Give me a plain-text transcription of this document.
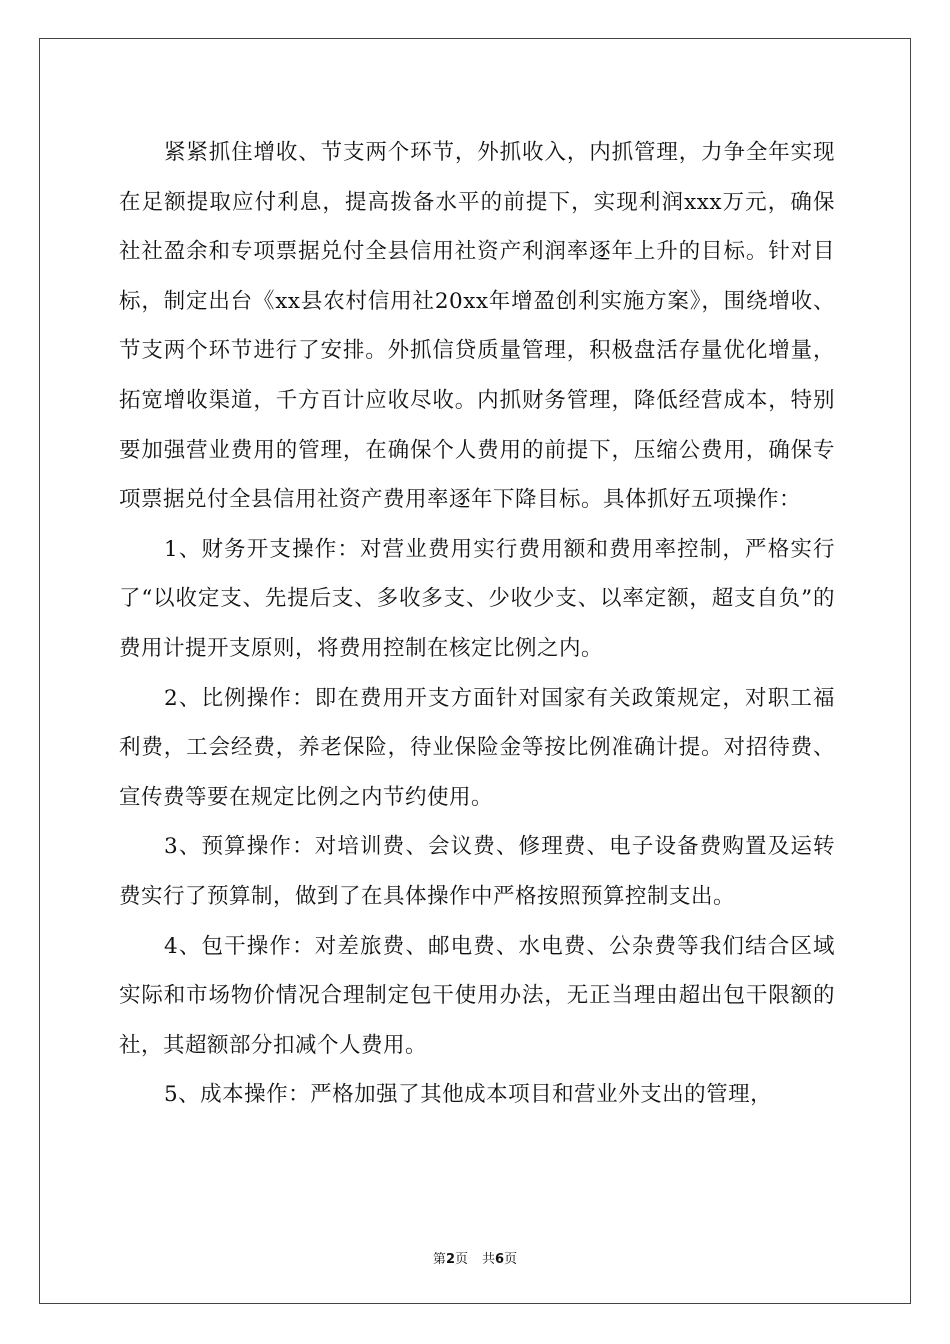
紧紧抓住增收、节支两个环节，外抓收入，内抓管理，力争全年实现在足额提取应付利息，提高拨备水平的前提下，实现利润xxx万元，确保社社盈余和专项票据兑付全县信用社资产利润率逐年上升的目标。针对目标，制定出台《xx县农村信用社20xx年增盈创利实施方案》，围绕增收、节支两个环节进行了安排。外抓信贷质量管理，积极盘活存量优化增量，拓宽增收渠道，千方百计应收尽收。内抓财务管理，降低经营成本，特别要加强营业费用的管理，在确保个人费用的前提下，压缩公费用，确保专项票据兑付全县信用社资产费用率逐年下降目标。具体抓好五项操作：

1、财务开支操作：对营业费用实行费用额和费用率控制，严格实行了“以收定支、先提后支、多收多支、少收少支、以率定额，超支自负”的费用计提开支原则，将费用控制在核定比例之内。

2、比例操作：即在费用开支方面针对国家有关政策规定，对职工福利费，工会经费，养老保险，待业保险金等按比例准确计提。对招待费、宣传费等要在规定比例之内节约使用。

3、预算操作：对培训费、会议费、修理费、电子设备费购置及运转费实行了预算制，做到了在具体操作中严格按照预算控制支出。

4、包干操作：对差旅费、邮电费、水电费、公杂费等我们结合区域实际和市场物价情况合理制定包干使用办法，无正当理由超出包干限额的社，其超额部分扣减个人费用。

5、成本操作：严格加强了其他成本项目和营业外支出的管理，

第2页 共6页
